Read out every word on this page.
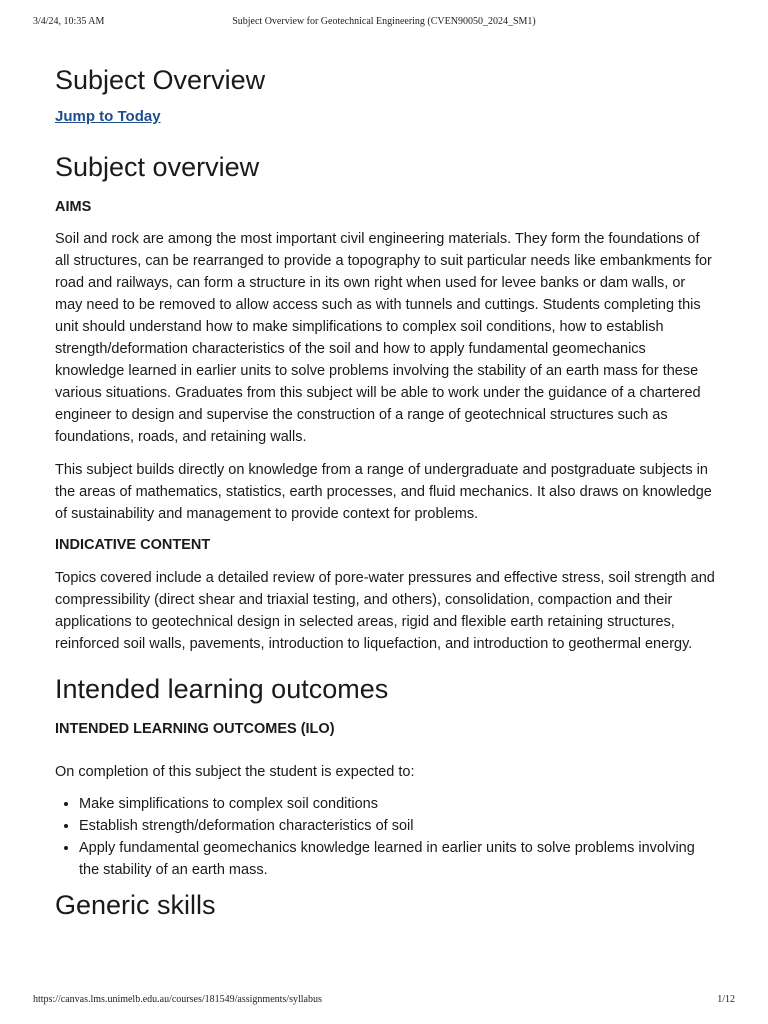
3/4/24, 10:35 AM	Subject Overview for Geotechnical Engineering (CVEN90050_2024_SM1)
Subject Overview
Jump to Today
Subject overview
AIMS

Soil and rock are among the most important civil engineering materials. They form the foundations of all structures, can be rearranged to provide a topography to suit particular needs like embankments for road and railways, can form a structure in its own right when used for levee banks or dam walls, or may need to be removed to allow access such as with tunnels and cuttings. Students completing this unit should understand how to make simplifications to complex soil conditions, how to establish strength/deformation characteristics of the soil and how to apply fundamental geomechanics knowledge learned in earlier units to solve problems involving the stability of an earth mass for these various situations. Graduates from this subject will be able to work under the guidance of a chartered engineer to design and supervise the construction of a range of geotechnical structures such as foundations, roads, and retaining walls.

This subject builds directly on knowledge from a range of undergraduate and postgraduate subjects in the areas of mathematics, statistics, earth processes, and fluid mechanics. It also draws on knowledge of sustainability and management to provide context for problems.

INDICATIVE CONTENT

Topics covered include a detailed review of pore-water pressures and effective stress, soil strength and compressibility (direct shear and triaxial testing, and others), consolidation, compaction and their applications to geotechnical design in selected areas, rigid and flexible earth retaining structures, reinforced soil walls, pavements, introduction to liquefaction, and introduction to geothermal energy.

Intended learning outcomes
INTENDED LEARNING OUTCOMES (ILO)

On completion of this subject the student is expected to:

• Make simplifications to complex soil conditions
• Establish strength/deformation characteristics of soil
• Apply fundamental geomechanics knowledge learned in earlier units to solve problems involving the stability of an earth mass.
Generic skills
https://canvas.lms.unimelb.edu.au/courses/181549/assignments/syllabus	1/12
